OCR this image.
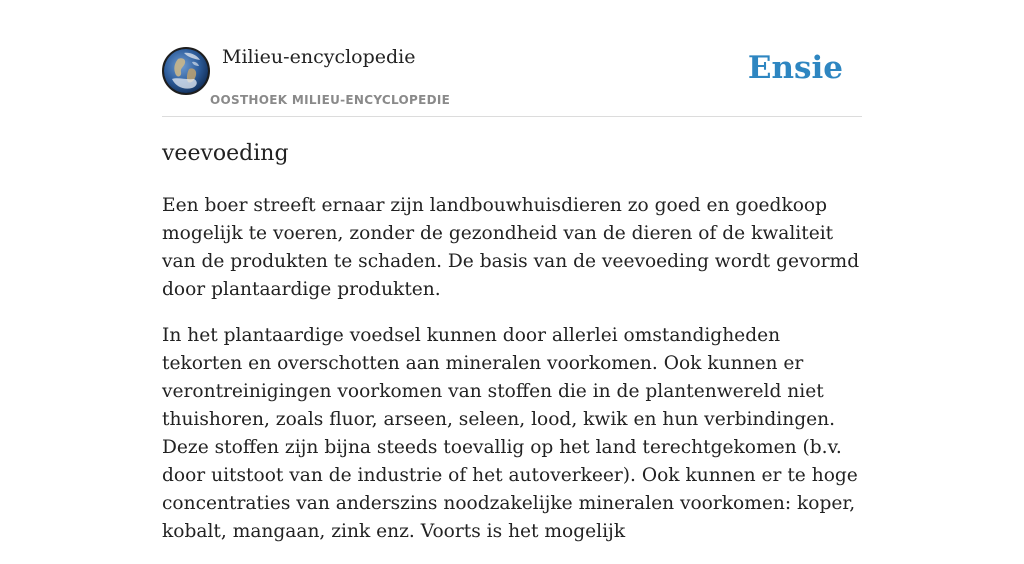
Milieu-encyclopedie
OOSTHOEK MILIEU-ENCYCLOPEDIE
Ensie
veevoeding

Een boer streeft ernaar zijn landbouwhuisdieren zo goed en goedkoop mogelijk te voeren, zonder de gezondheid van de dieren of de kwaliteit van de produkten te schaden. De basis van de veevoeding wordt gevormd door plantaardige produkten.

In het plantaardige voedsel kunnen door allerlei omstandigheden tekorten en overschotten aan mineralen voorkomen. Ook kunnen er verontreinigingen voorkomen van stoffen die in de plantenwereld niet thuishoren, zoals fluor, arseen, seleen, lood, kwik en hun verbindingen. Deze stoffen zijn bijna steeds toevallig op het land terechtgekomen (b.v. door uitstoot van de industrie of het autoverkeer). Ook kunnen er te hoge concentraties van anderszins noodzakelijke mineralen voorkomen: koper, kobalt, mangaan, zink enz. Voorts is het mogelijk
